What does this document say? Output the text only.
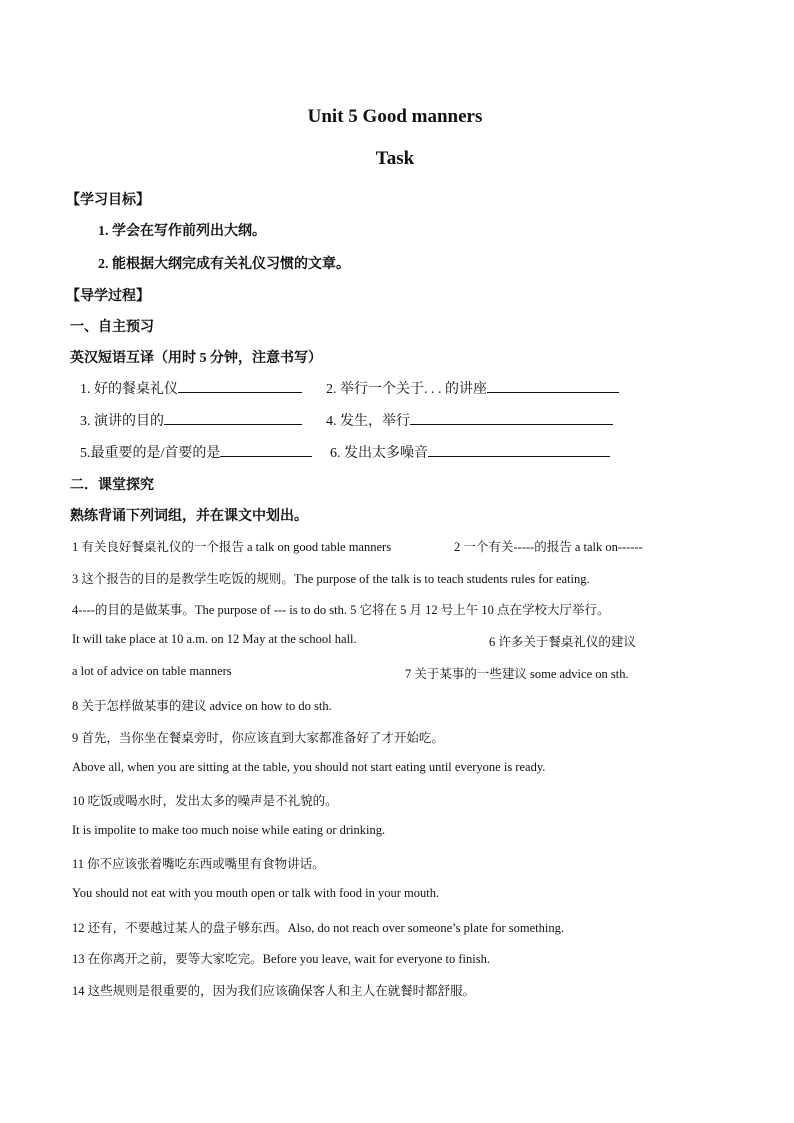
Unit 5 Good manners
Task
【学习目标】
1. 学会在写作前列出大纲。
2. 能根据大纲完成有关礼仪习惯的文章。
【导学过程】
一、自主预习
英汉短语互译（用时 5 分钟，注意书写）
1. 好的餐桌礼仪	2. 举行一个关于. . . 的讲座
3. 演讲的目的	4. 发生，举行
5.最重要的是/首要的是	6. 发出太多噪音
二．课堂探究
熟练背诵下列词组，并在课文中划出。
1 有关良好餐桌礼仪的一个报告 a talk on good table manners	2 一个有关-----的报告 a talk on------
3 这个报告的目的是教学生吃饭的规则。The purpose of the talk is to teach students rules for eating.
4----的目的是做某事。The purpose of --- is to do sth. 5 它将在 5 月 12 号上午 10 点在学校大厅举行。
It will take place at 10 a.m. on 12 May at the school hall.	6 许多关于餐桌礼仪的建议
a lot of advice on table manners	7 关于某事的一些建议 some advice on sth.
8 关于怎样做某事的建议 advice on how to do sth.
9 首先，当你坐在餐桌旁时，你应该直到大家都准备好了才开始吃。
Above all, when you are sitting at the table, you should not start eating until everyone is ready.
10 吃饭或喝水时，发出太多的噪声是不礼貌的。
It is impolite to make too much noise while eating or drinking.
11 你不应该张着嘴吃东西或嘴里有食物讲话。
You should not eat with you mouth open or talk with food in your mouth.
12 还有，不要越过某人的盘子够东西。Also, do not reach over someone’s plate for something.
13 在你离开之前，要等大家吃完。Before you leave, wait for everyone to finish.
14 这些规则是很重要的，因为我们应该确保客人和主人在就餐时都舒服。
